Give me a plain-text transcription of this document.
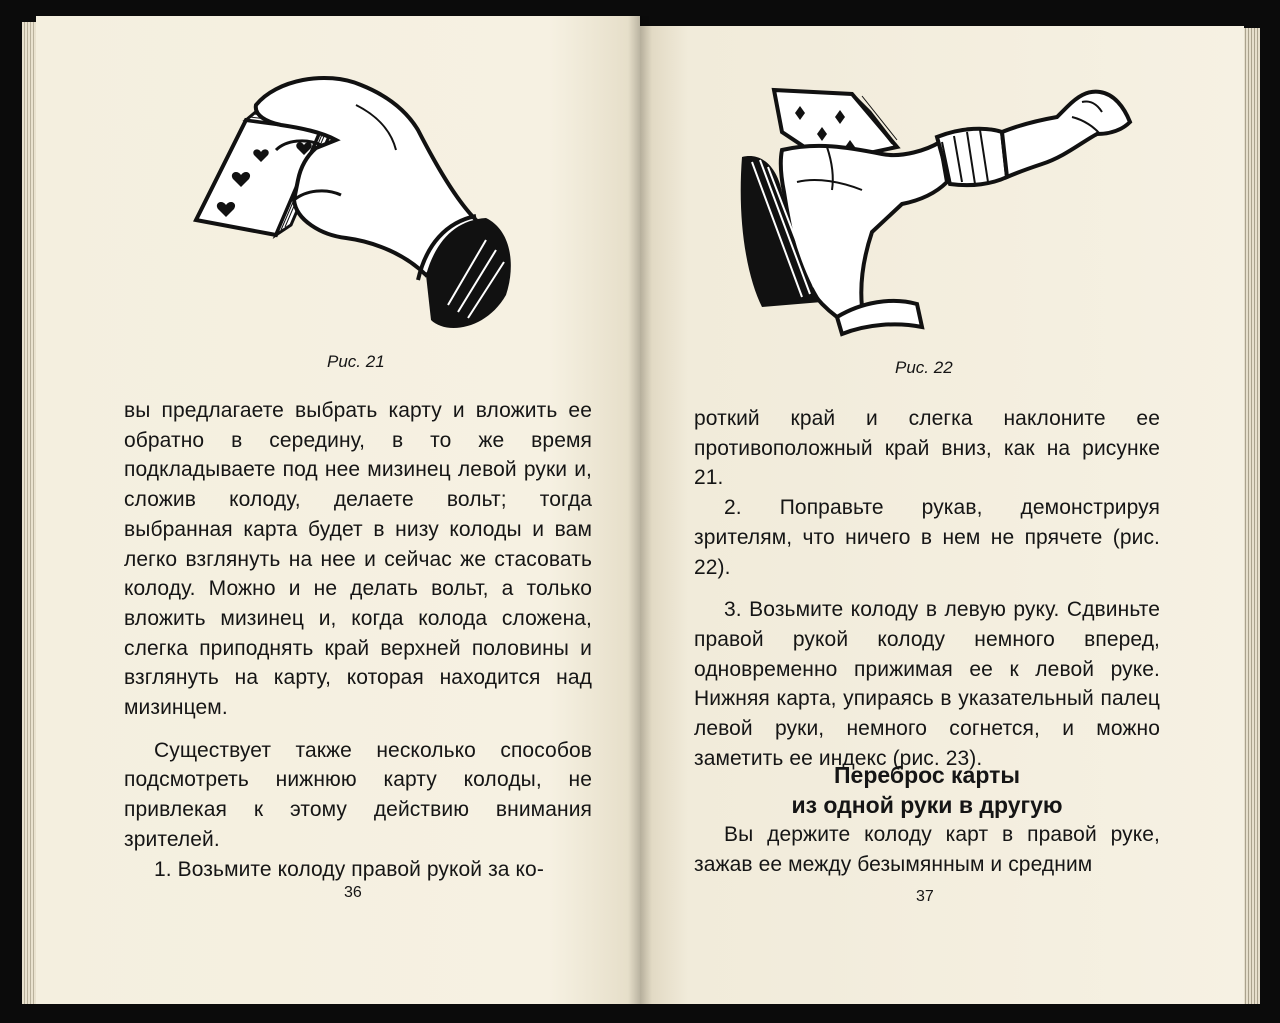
Рис. 21

вы предлагаете выбрать карту и вложить ее обратно в середину, в то же время подкладываете под нее мизинец левой руки и, сложив колоду, делаете вольт; тогда выбранная карта будет в низу колоды и вам легко взглянуть на нее и сейчас же стасовать колоду. Можно и не делать вольт, а только вложить мизинец и, когда колода сложена, слегка приподнять край верхней половины и взглянуть на карту, которая находится над мизинцем.

Существует также несколько способов подсмотреть нижнюю карту колоды, не привлекая к этому действию внимания зрителей.

1. Возьмите колоду правой рукой за ко-

36
Рис. 22

роткий край и слегка наклоните ее противоположный край вниз, как на рисунке 21.

2. Поправьте рукав, демонстрируя зрителям, что ничего в нем не прячете (рис. 22).

3. Возьмите колоду в левую руку. Сдвиньте правой рукой колоду немного вперед, одновременно прижимая ее к левой руке. Нижняя карта, упираясь в указательный палец левой руки, немного согнется, и можно заметить ее индекс (рис. 23).

Переброс карты
из одной руки в другую

Вы держите колоду карт в правой руке, зажав ее между безымянным и средним

37
